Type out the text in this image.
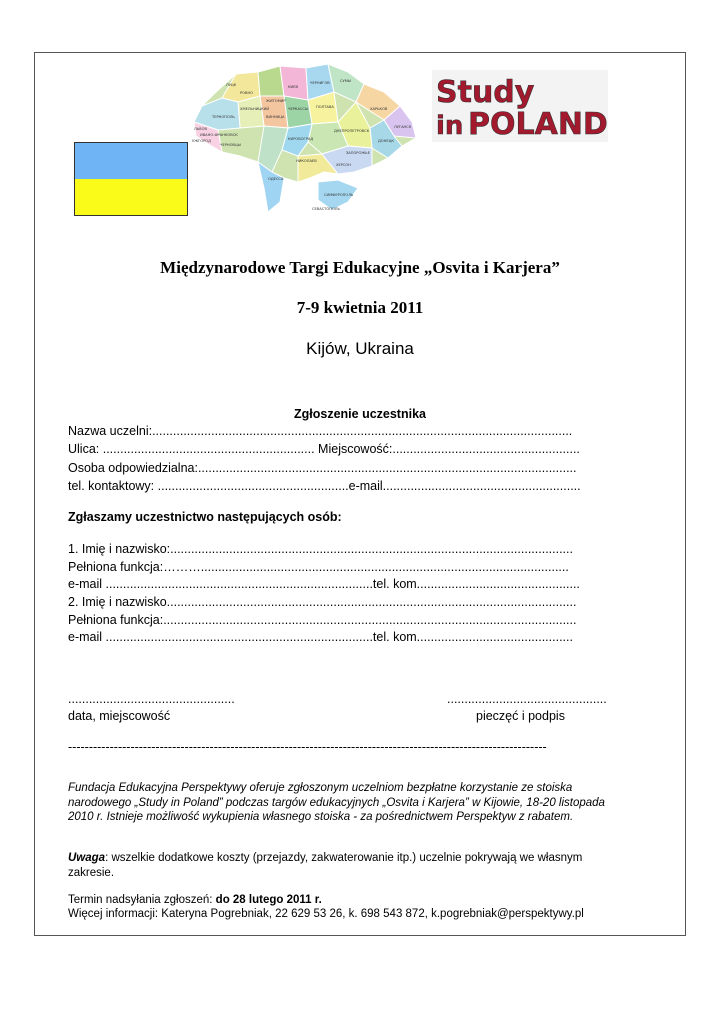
ЛУЦК
РОВНО
ЖИТОМИР
КИЕВ
ЧЕРНИГОВ	СУМЫ
ХАРЬКОВ
ЛУГАНСК
ДОНЕЦК
ЗАПОРОЖЬЕ
ЛЬВОВ
ТЕРНОПОЛЬ
ХМЕЛЬНИЦКИЙ
ВИННИЦА
ЧЕРКАССЫ ПОЛТАВА
ДНЕПРОПЕТРОВСК
КИРОВОГРАД
НИКОЛАЕВ
ХЕРСОН
ОДЕССА
УЖГОРОД
ИВАНО-ФРАНКОВСК
ЧЕРНОВЦЫ
СИМФЕРОПОЛЬ
СЕВАСТОПОЛЬ
Study
in POLAND
Międzynarodowe Targi Edukacyjne „Osvita i Karjera”
7-9 kwietnia 2011
Kijów, Ukraina
Zgłoszenie uczestnika
Nazwa uczelni:.........................................................................................................................
Ulica: ............................................................. Miejscowość:......................................................
Osoba odpowiedzialna:.............................................................................................................
tel. kontaktowy: .......................................................e-mail.........................................................
Zgłaszamy uczestnictwo następujących osób:
1. Imię i nazwisko:....................................................................................................................
Pełniona funkcja:………..........................................................................................................
e-mail .............................................................................tel. kom...............................................
2. Imię i nazwisko......................................................................................................................
Pełniona funkcja:.......................................................................................................................
e-mail .............................................................................tel. kom.............................................
................................................	..............................................
data, miejscowość	pieczęć i podpis
-------------------------------------------------------------------------------------------------------------------
Fundacja Edukacyjna Perspektywy oferuje zgłoszonym uczelniom bezpłatne korzystanie ze stoiska narodowego „Study in Poland” podczas targów edukacyjnych „Osvita i Karjera” w Kijowie, 18-20 listopada 2010 r. Istnieje możliwość wykupienia własnego stoiska - za pośrednictwem Perspektyw z rabatem.
Uwaga: wszelkie dodatkowe koszty (przejazdy, zakwaterowanie itp.) uczelnie pokrywają we własnym zakresie.
Termin nadsyłania zgłoszeń: do 28 lutego 2011 r.
Więcej informacji: Kateryna Pogrebniak, 22 629 53 26, k. 698 543 872, k.pogrebniak@perspektywy.pl
